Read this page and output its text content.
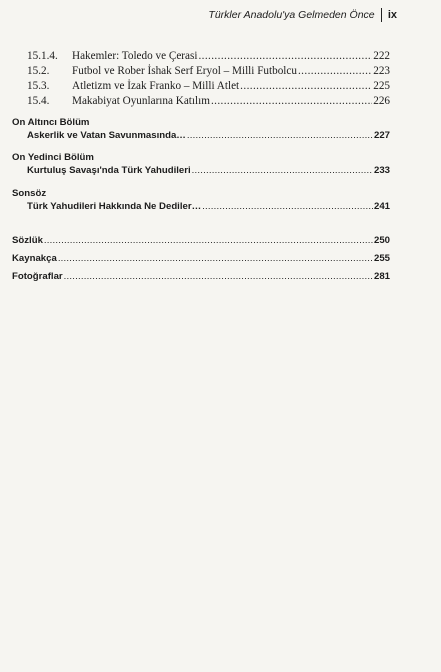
Türkler Anadolu'ya Gelmeden Önce ix
15.1.4.	Hakemler: Toledo ve Çerasi .....	222
15.2.	Futbol ve Rober İshak Serf Eryol – Milli Futbolcu .....	223
15.3.	Atletizm ve İzak Franko – Milli Atlet .....	225
15.4.	Makabiyat Oyunlarına Katılım .....	226
On Altıncı Bölüm
Askerlik ve Vatan Savunmasında… .....	227
On Yedinci Bölüm
Kurtuluş Savaşı'nda Türk Yahudileri .....	233
Sonsöz
Türk Yahudileri Hakkında Ne Dediler… .....	241
Sözlük .....	250
Kaynakça .....	255
Fotoğraflar .....	281
